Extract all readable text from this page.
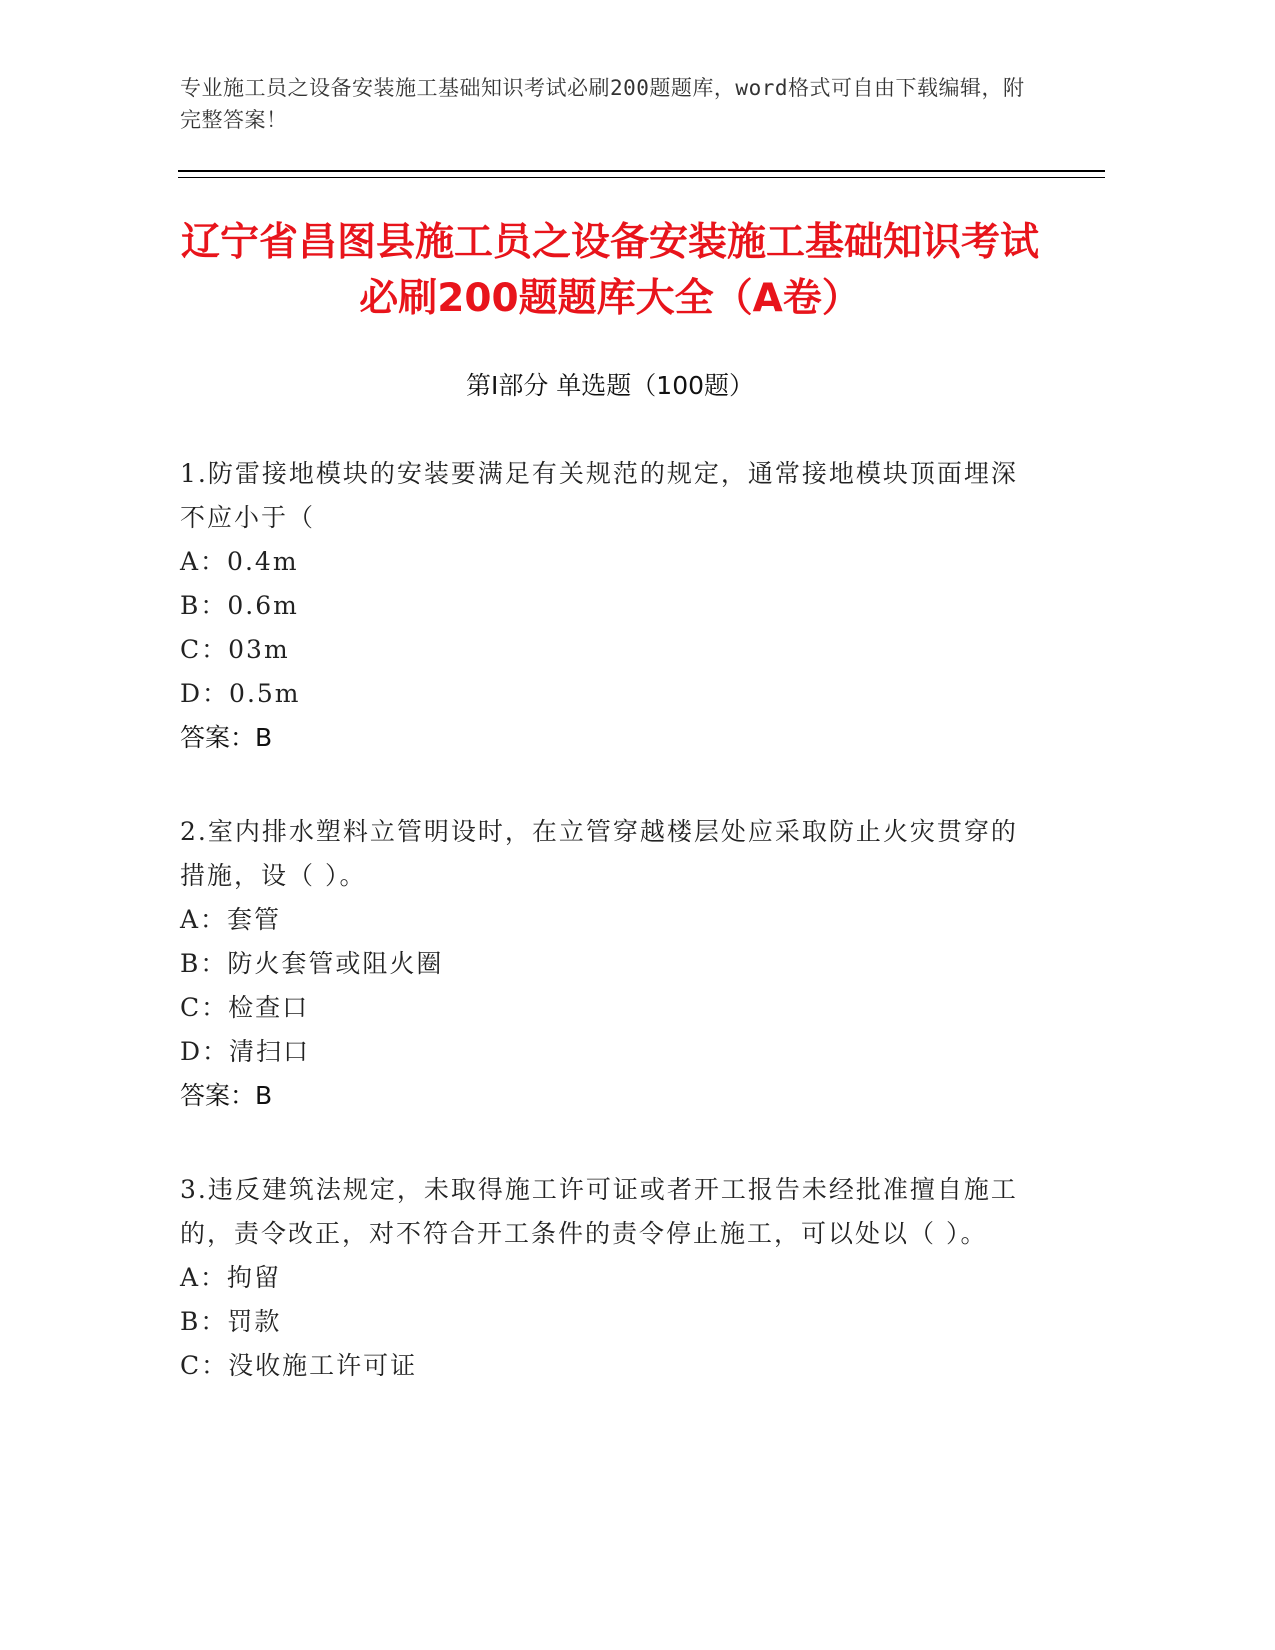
专业施工员之设备安装施工基础知识考试必刷200题题库，word格式可自由下载编辑，附完整答案！
辽宁省昌图县施工员之设备安装施工基础知识考试必刷200题题库大全（A卷）
第Ⅰ部分 单选题（100题）
1.防雷接地模块的安装要满足有关规范的规定，通常接地模块顶面埋深不应小于（
A：0.4m
B：0.6m
C：03m
D：0.5m
答案：B
2.室内排水塑料立管明设时，在立管穿越楼层处应采取防止火灾贯穿的措施，设（ ）。
A：套管
B：防火套管或阻火圈
C：检查口
D：清扫口
答案：B
3.违反建筑法规定，未取得施工许可证或者开工报告未经批准擅自施工的，责令改正，对不符合开工条件的责令停止施工，可以处以（ ）。
A：拘留
B：罚款
C：没收施工许可证
